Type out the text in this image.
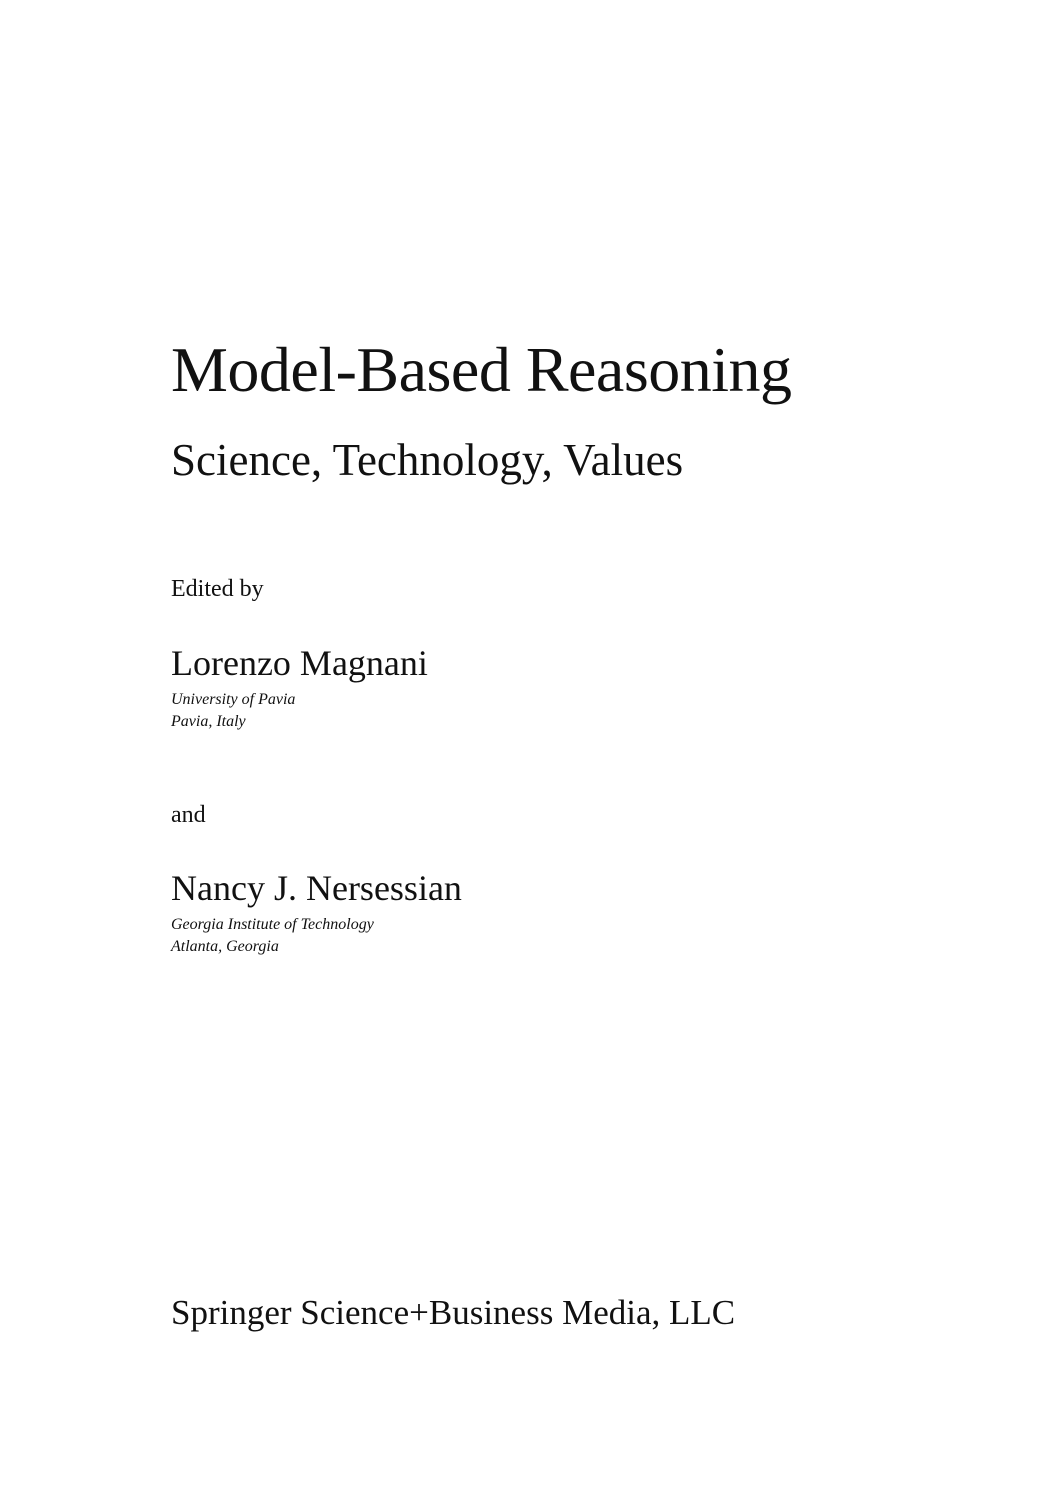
Model-Based Reasoning
Science, Technology, Values
Edited by
Lorenzo Magnani
University of Pavia
Pavia, Italy
and
Nancy J. Nersessian
Georgia Institute of Technology
Atlanta, Georgia
Springer Science+Business Media, LLC
